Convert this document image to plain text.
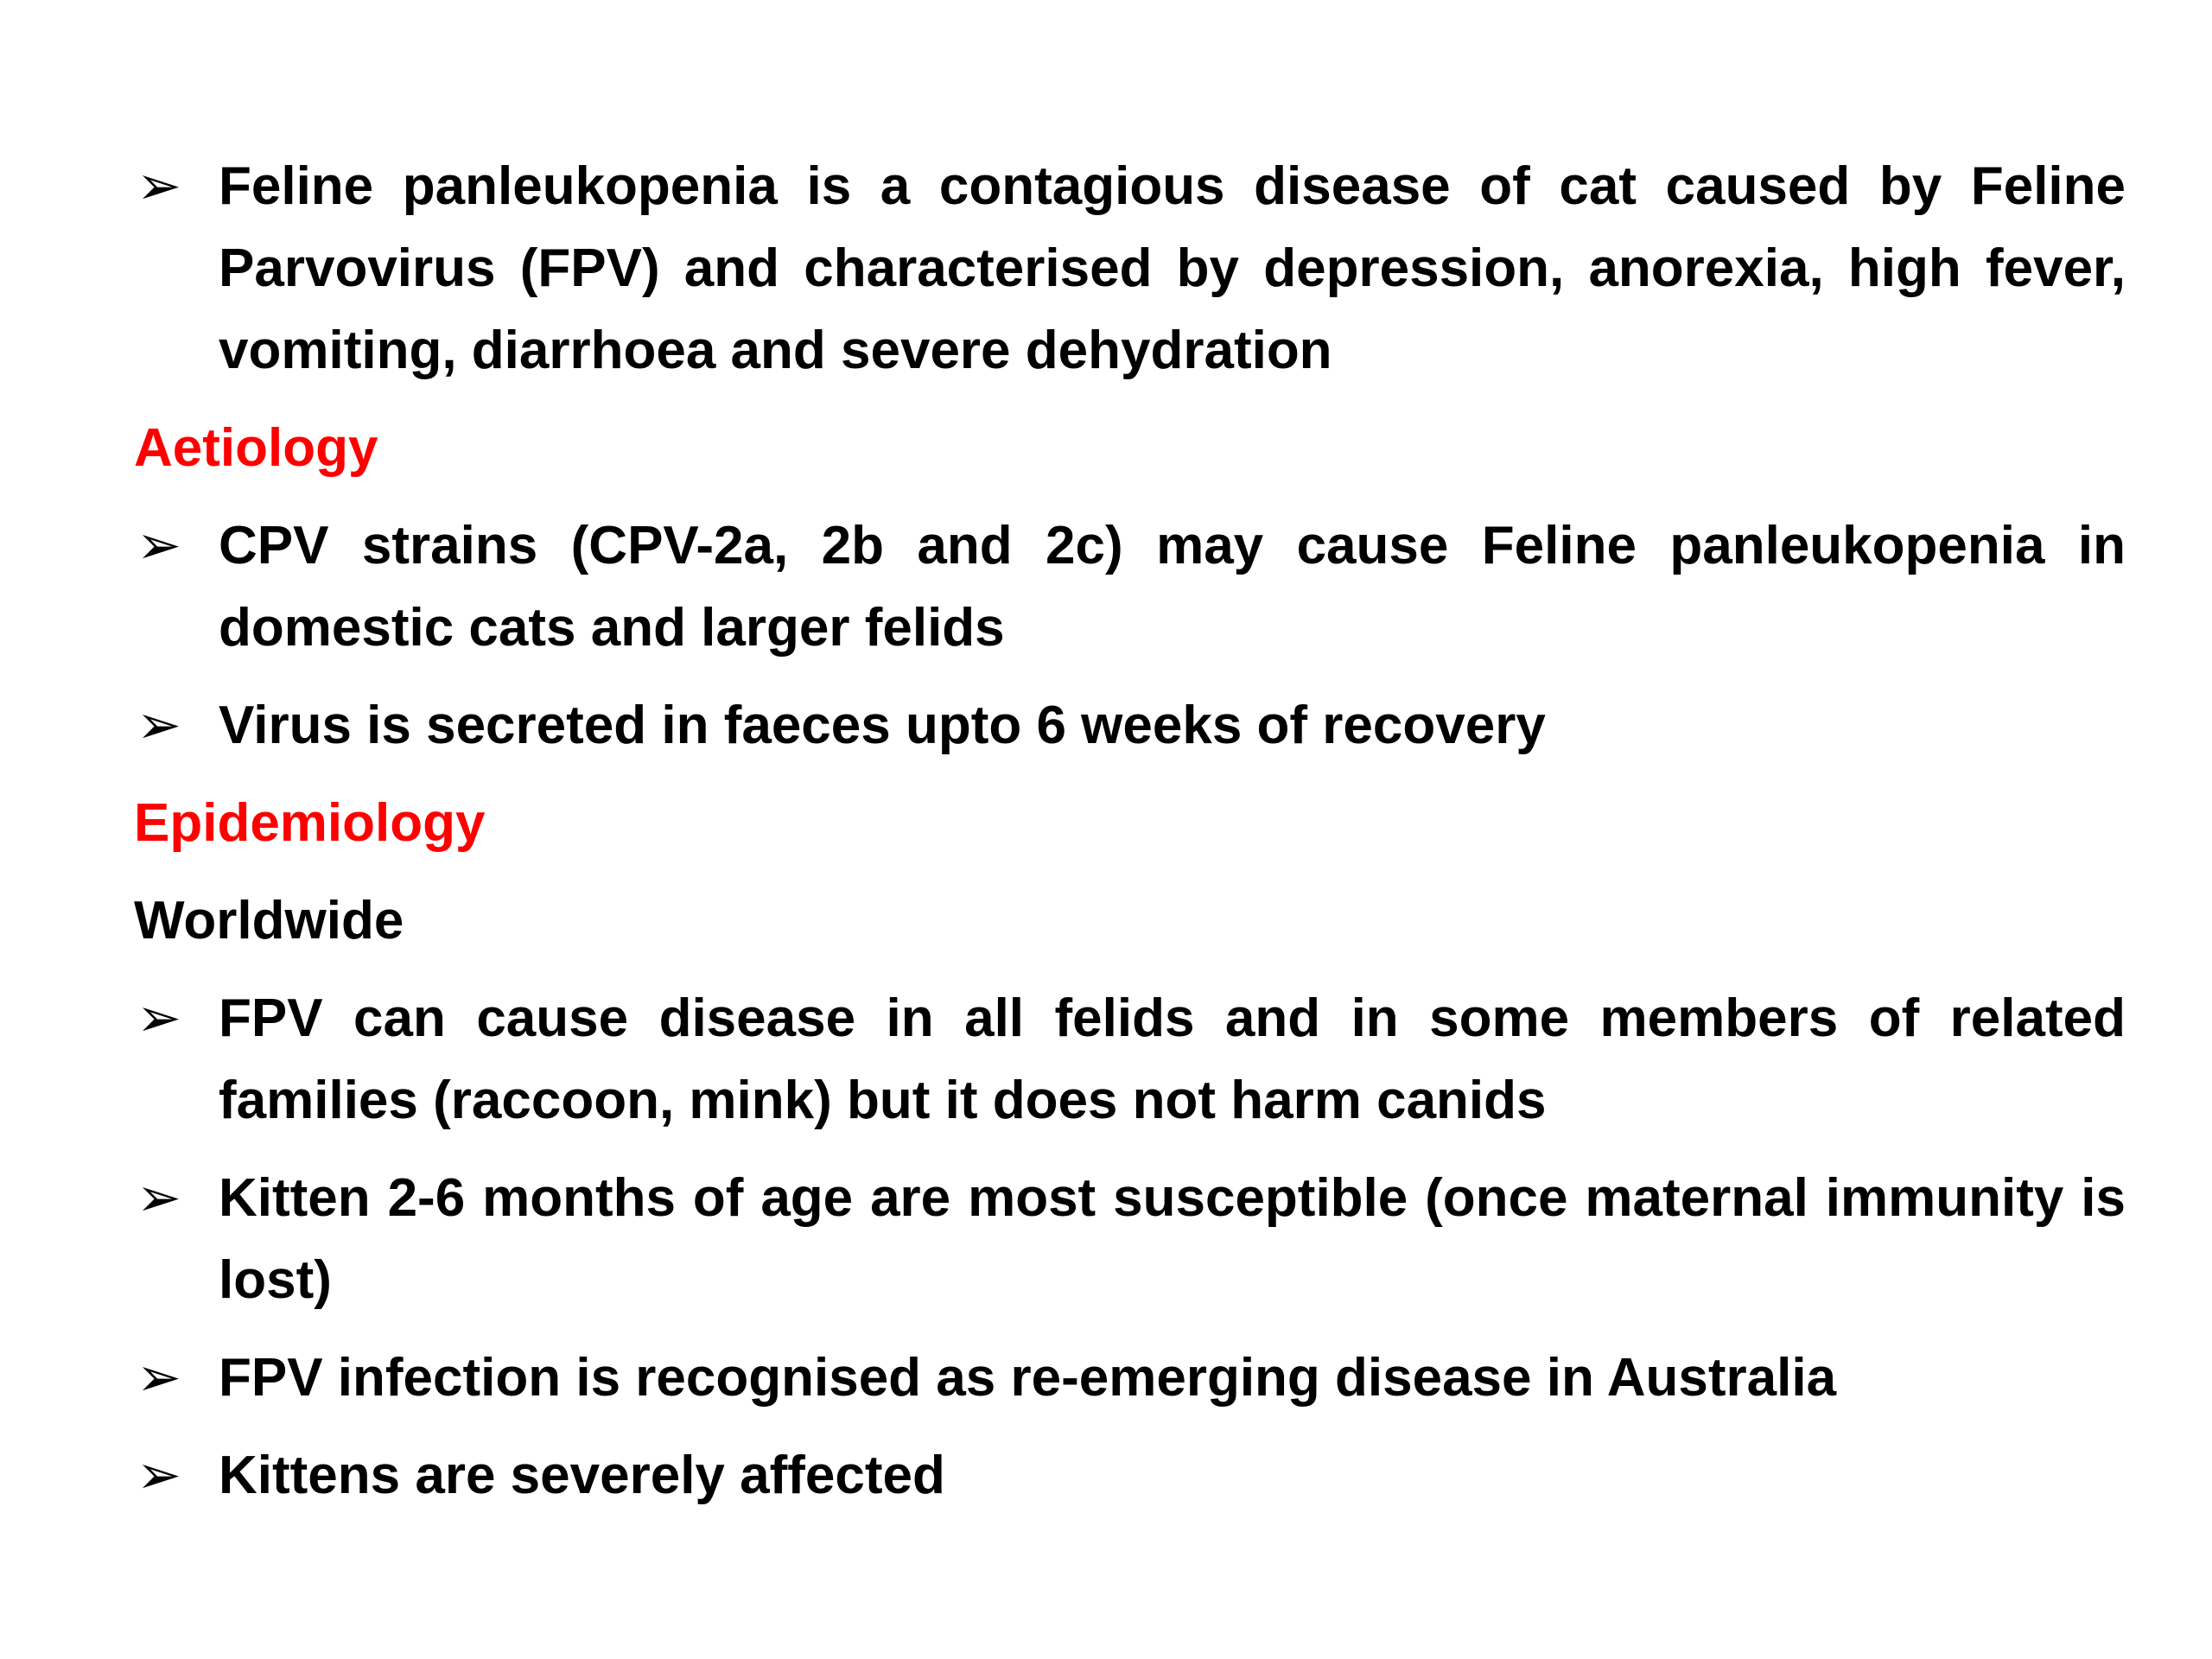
➢ Feline panleukopenia is a contagious disease of cat caused by Feline Parvovirus (FPV) and characterised by depression, anorexia, high fever, vomiting, diarrhoea and severe dehydration
Aetiology
➢ CPV strains (CPV-2a, 2b and 2c) may cause Feline panleukopenia in domestic cats and larger felids
➢ Virus is secreted in faeces upto 6 weeks of recovery
Epidemiology
Worldwide
➢ FPV can cause disease in all felids and in some members of related families (raccoon, mink) but it does not harm canids
➢ Kitten 2-6 months of age are most susceptible (once maternal immunity is lost)
➢ FPV infection is recognised as re-emerging disease in Australia
➢ Kittens are severely affected
